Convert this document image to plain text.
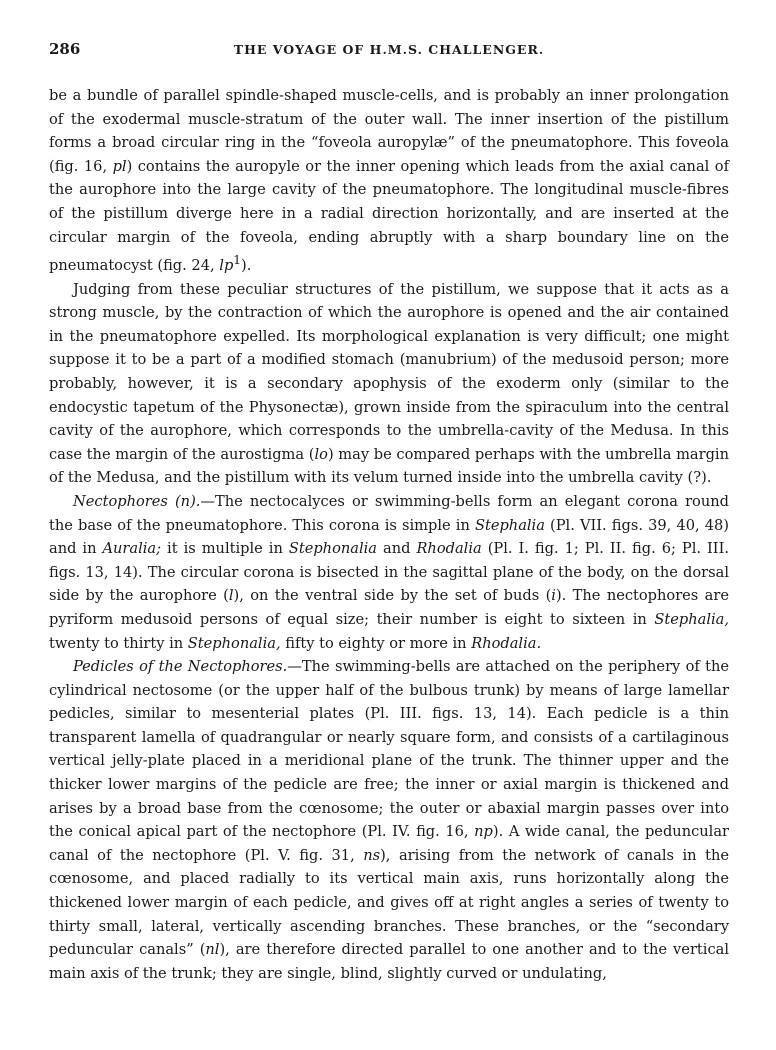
286	THE VOYAGE OF H.M.S. CHALLENGER.

be a bundle of parallel spindle-shaped muscle-cells, and is probably an inner prolongation of the exodermal muscle-stratum of the outer wall. The inner insertion of the pistillum forms a broad circular ring in the “foveola auropylæ” of the pneumatophore. This foveola (fig. 16, pl) contains the auropyle or the inner opening which leads from the axial canal of the aurophore into the large cavity of the pneumatophore. The longitudinal muscle-fibres of the pistillum diverge here in a radial direction horizontally, and are inserted at the circular margin of the foveola, ending abruptly with a sharp boundary line on the pneumatocyst (fig. 24, $lp^1$).

Judging from these peculiar structures of the pistillum, we suppose that it acts as a strong muscle, by the contraction of which the aurophore is opened and the air contained in the pneumatophore expelled. Its morphological explanation is very difficult; one might suppose it to be a part of a modified stomach (manubrium) of the medusoid person; more probably, however, it is a secondary apophysis of the exoderm only (similar to the endocystic tapetum of the Physonectæ), grown inside from the spiraculum into the central cavity of the aurophore, which corresponds to the umbrella-cavity of the Medusa. In this case the margin of the aurostigma (lo) may be compared perhaps with the umbrella margin of the Medusa, and the pistillum with its velum turned inside into the umbrella cavity (?).

Nectophores (n).—The nectocalyces or swimming-bells form an elegant corona round the base of the pneumatophore. This corona is simple in Stephalia (Pl. VII. figs. 39, 40, 48) and in Auralia; it is multiple in Stephonalia and Rhodalia (Pl. I. fig. 1; Pl. II. fig. 6; Pl. III. figs. 13, 14). The circular corona is bisected in the sagittal plane of the body, on the dorsal side by the aurophore (l), on the ventral side by the set of buds (i). The nectophores are pyriform medusoid persons of equal size; their number is eight to sixteen in Stephalia, twenty to thirty in Stephonalia, fifty to eighty or more in Rhodalia.

Pedicles of the Nectophores.—The swimming-bells are attached on the periphery of the cylindrical nectosome (or the upper half of the bulbous trunk) by means of large lamellar pedicles, similar to mesenterial plates (Pl. III. figs. 13, 14). Each pedicle is a thin transparent lamella of quadrangular or nearly square form, and consists of a cartilaginous vertical jelly-plate placed in a meridional plane of the trunk. The thinner upper and the thicker lower margins of the pedicle are free; the inner or axial margin is thickened and arises by a broad base from the cœnosome; the outer or abaxial margin passes over into the conical apical part of the nectophore (Pl. IV. fig. 16, np). A wide canal, the peduncular canal of the nectophore (Pl. V. fig. 31, ns), arising from the network of canals in the cœnosome, and placed radially to its vertical main axis, runs horizontally along the thickened lower margin of each pedicle, and gives off at right angles a series of twenty to thirty small, lateral, vertically ascending branches. These branches, or the “secondary peduncular canals” (nl), are therefore directed parallel to one another and to the vertical main axis of the trunk; they are single, blind, slightly curved or undulating,
